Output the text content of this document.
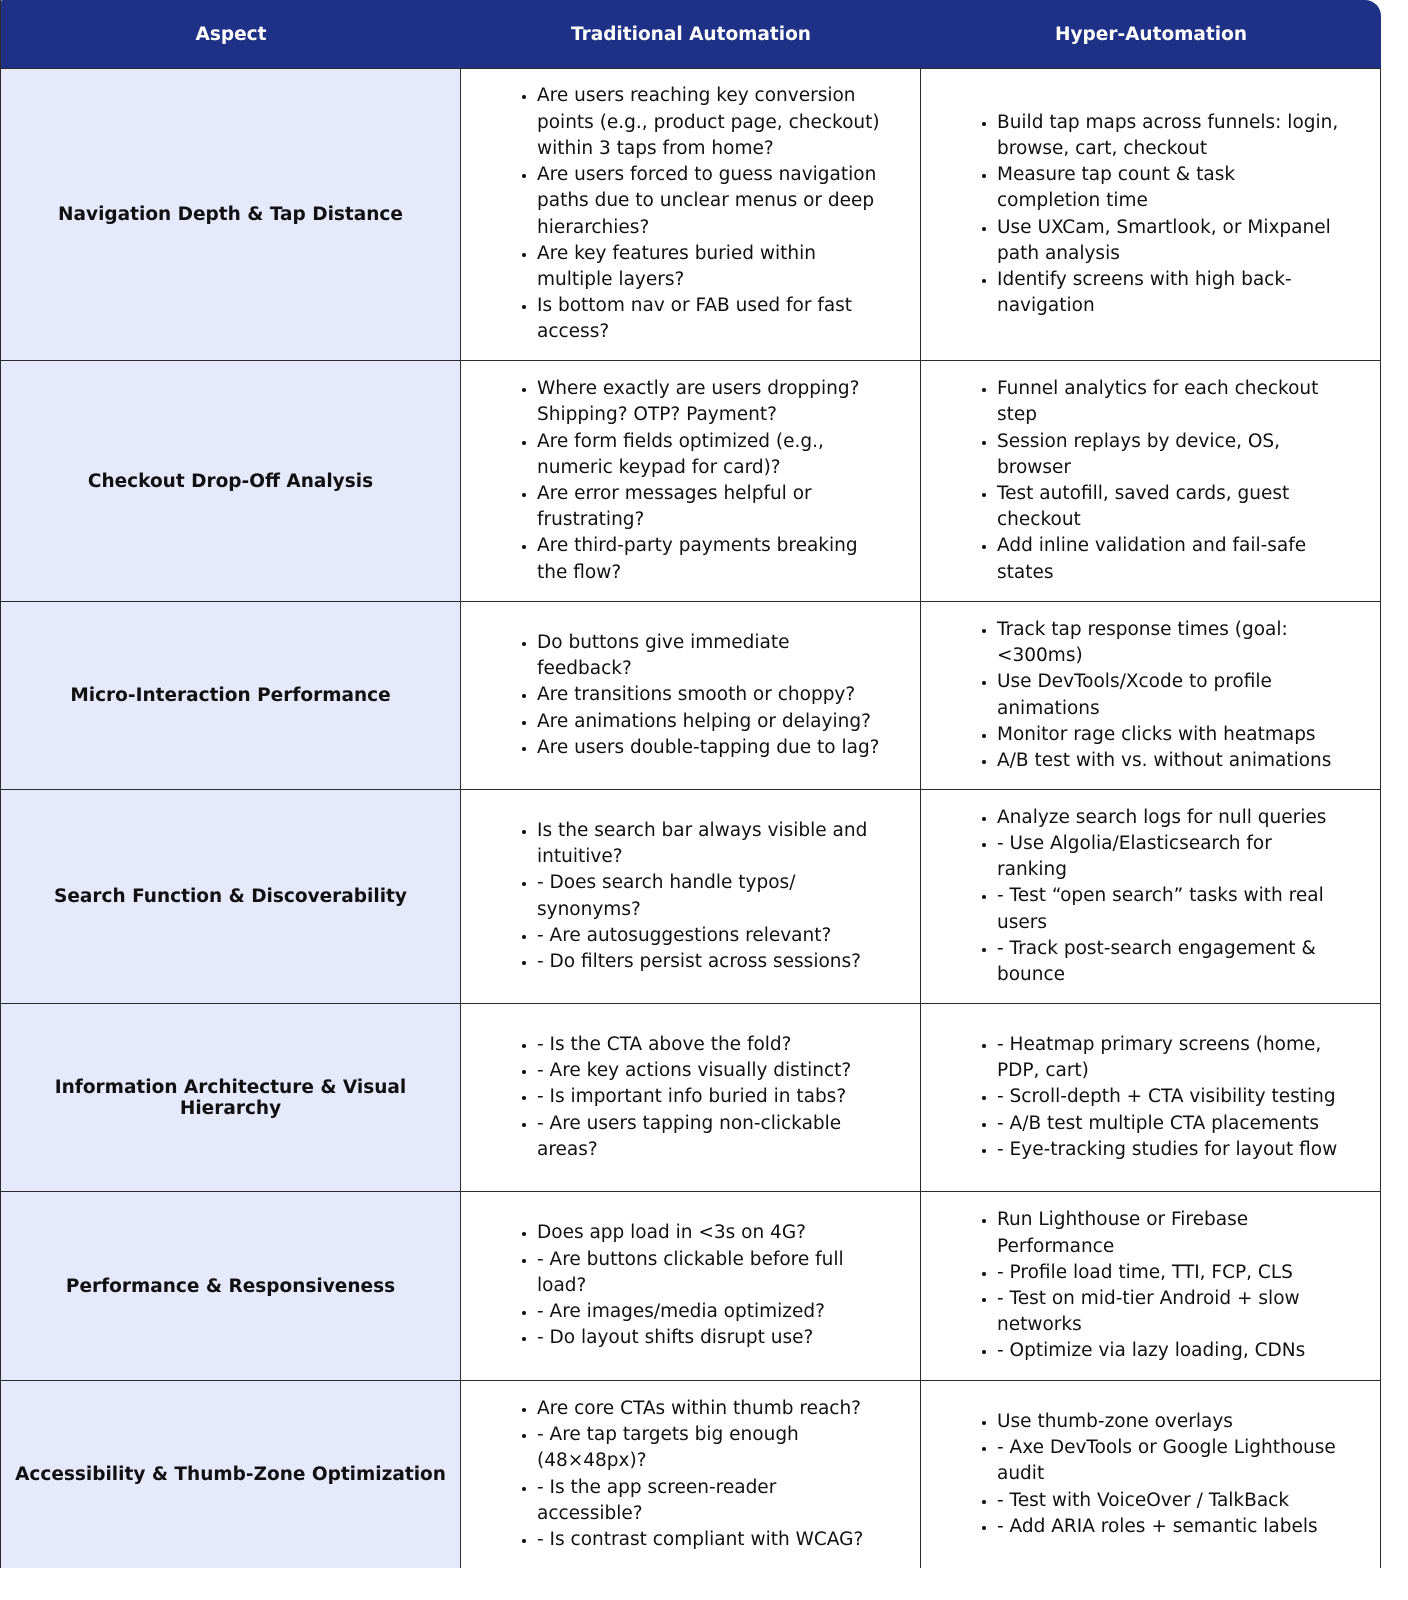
Aspect	Traditional Automation	Hyper-Automation
Navigation Depth & Tap Distance
• Are users reaching key conversion points (e.g., product page, checkout) within 3 taps from home?
• Are users forced to guess navigation paths due to unclear menus or deep hierarchies?
• Are key features buried within multiple layers?
• Is bottom nav or FAB used for fast access?
• Build tap maps across funnels: login, browse, cart, checkout
• Measure tap count & task completion time
• Use UXCam, Smartlook, or Mixpanel path analysis
• Identify screens with high back-navigation
Checkout Drop-Off Analysis
• Where exactly are users dropping? Shipping? OTP? Payment?
• Are form fields optimized (e.g., numeric keypad for card)?
• Are error messages helpful or frustrating?
• Are third-party payments breaking the flow?
• Funnel analytics for each checkout step
• Session replays by device, OS, browser
• Test autofill, saved cards, guest checkout
• Add inline validation and fail-safe states
Micro-Interaction Performance
• Do buttons give immediate feedback?
• Are transitions smooth or choppy?
• Are animations helping or delaying?
• Are users double-tapping due to lag?
• Track tap response times (goal: <300ms)
• Use DevTools/Xcode to profile animations
• Monitor rage clicks with heatmaps
• A/B test with vs. without animations
Search Function & Discoverability
• Is the search bar always visible and intuitive?
• - Does search handle typos/ synonyms?
• - Are autosuggestions relevant?
• - Do filters persist across sessions?
• Analyze search logs for null queries
• - Use Algolia/Elasticsearch for ranking
• - Test “open search” tasks with real users
• - Track post-search engagement & bounce
Information Architecture & Visual Hierarchy
• - Is the CTA above the fold?
• - Are key actions visually distinct?
• - Is important info buried in tabs?
• - Are users tapping non-clickable areas?
• - Heatmap primary screens (home, PDP, cart)
• - Scroll-depth + CTA visibility testing
• - A/B test multiple CTA placements
• - Eye-tracking studies for layout flow
Performance & Responsiveness
• Does app load in <3s on 4G?
• - Are buttons clickable before full load?
• - Are images/media optimized?
• - Do layout shifts disrupt use?
• Run Lighthouse or Firebase Performance
• - Profile load time, TTI, FCP, CLS
• - Test on mid-tier Android + slow networks
• - Optimize via lazy loading, CDNs
Accessibility & Thumb-Zone Optimization
• Are core CTAs within thumb reach?
• - Are tap targets big enough (48×48px)?
• - Is the app screen-reader accessible?
• - Is contrast compliant with WCAG?
• Use thumb-zone overlays
• - Axe DevTools or Google Lighthouse audit
• - Test with VoiceOver / TalkBack
• - Add ARIA roles + semantic labels
